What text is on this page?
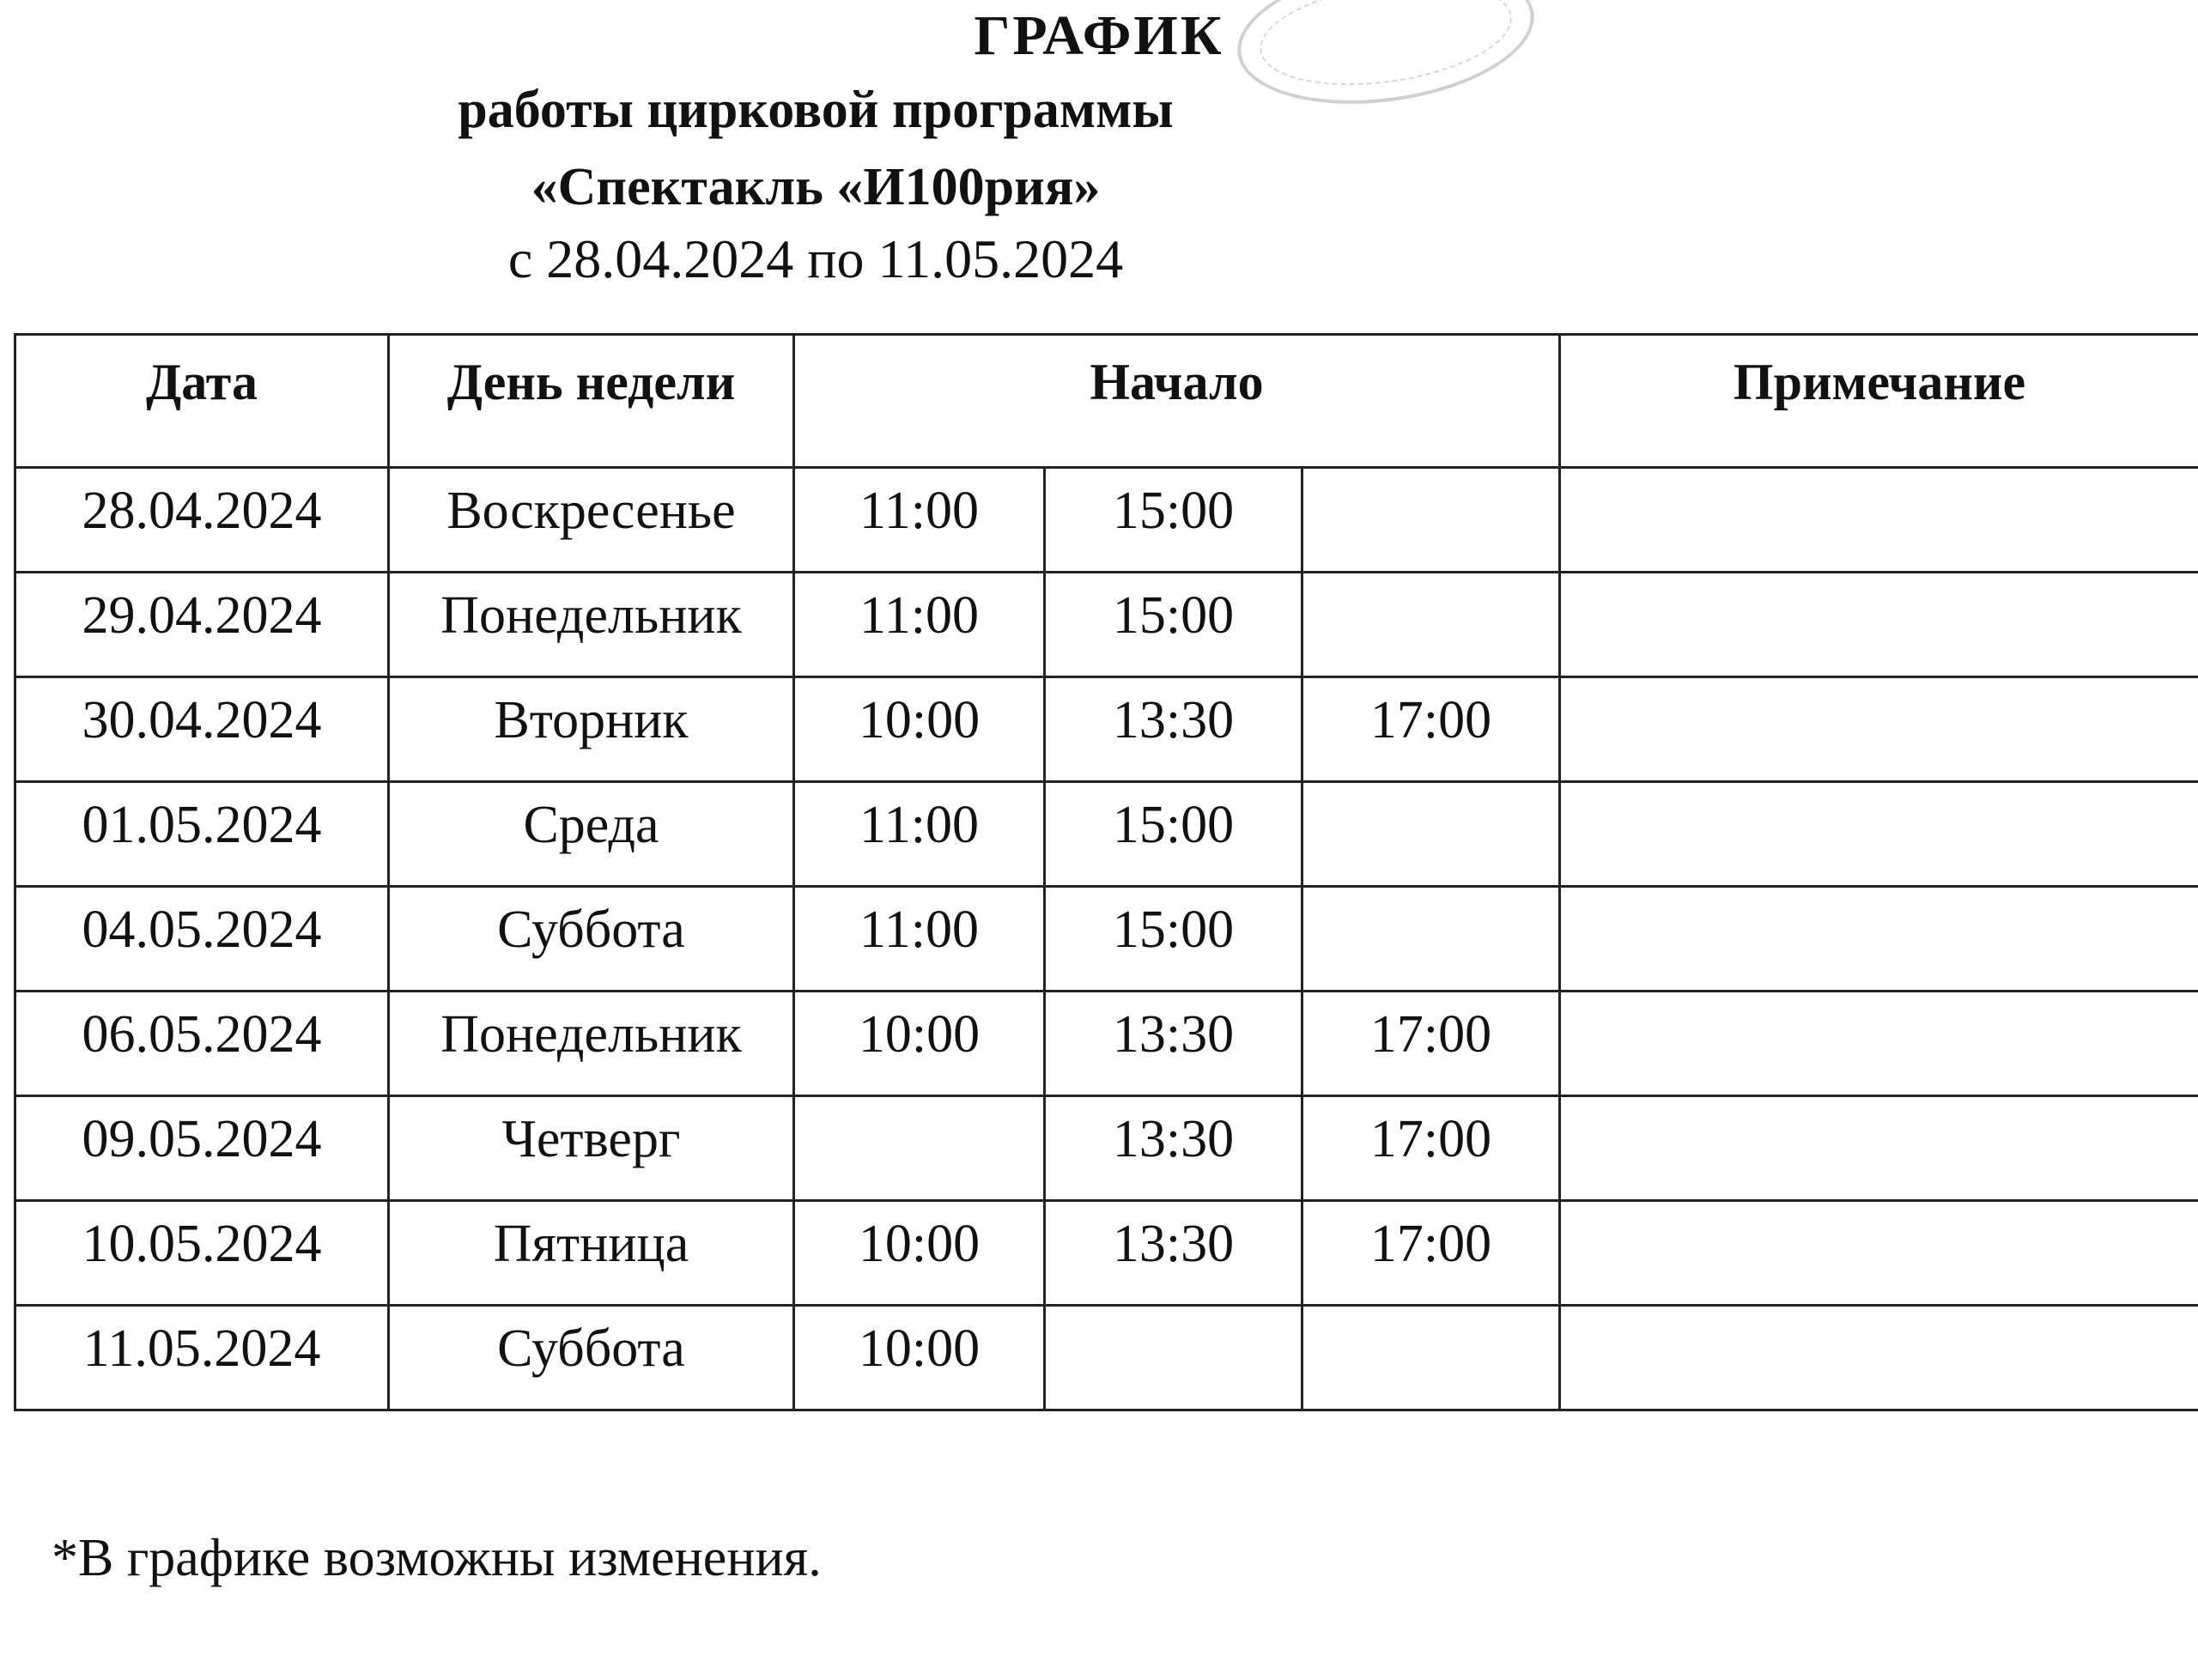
ГРАФИК
работы цирковой программы
«Спектакль «И100рия»
с 28.04.2024 по 11.05.2024
Дата	День недели	Начало			Примечание
28.04.2024	Воскресенье	11:00	15:00		
29.04.2024	Понедельник	11:00	15:00		
30.04.2024	Вторник	10:00	13:30	17:00	
01.05.2024	Среда	11:00	15:00		
04.05.2024	Суббота	11:00	15:00		
06.05.2024	Понедельник	10:00	13:30	17:00	
09.05.2024	Четверг		13:30	17:00	
10.05.2024	Пятница	10:00	13:30	17:00	
11.05.2024	Суббота	10:00			
*В графике возможны изменения.
